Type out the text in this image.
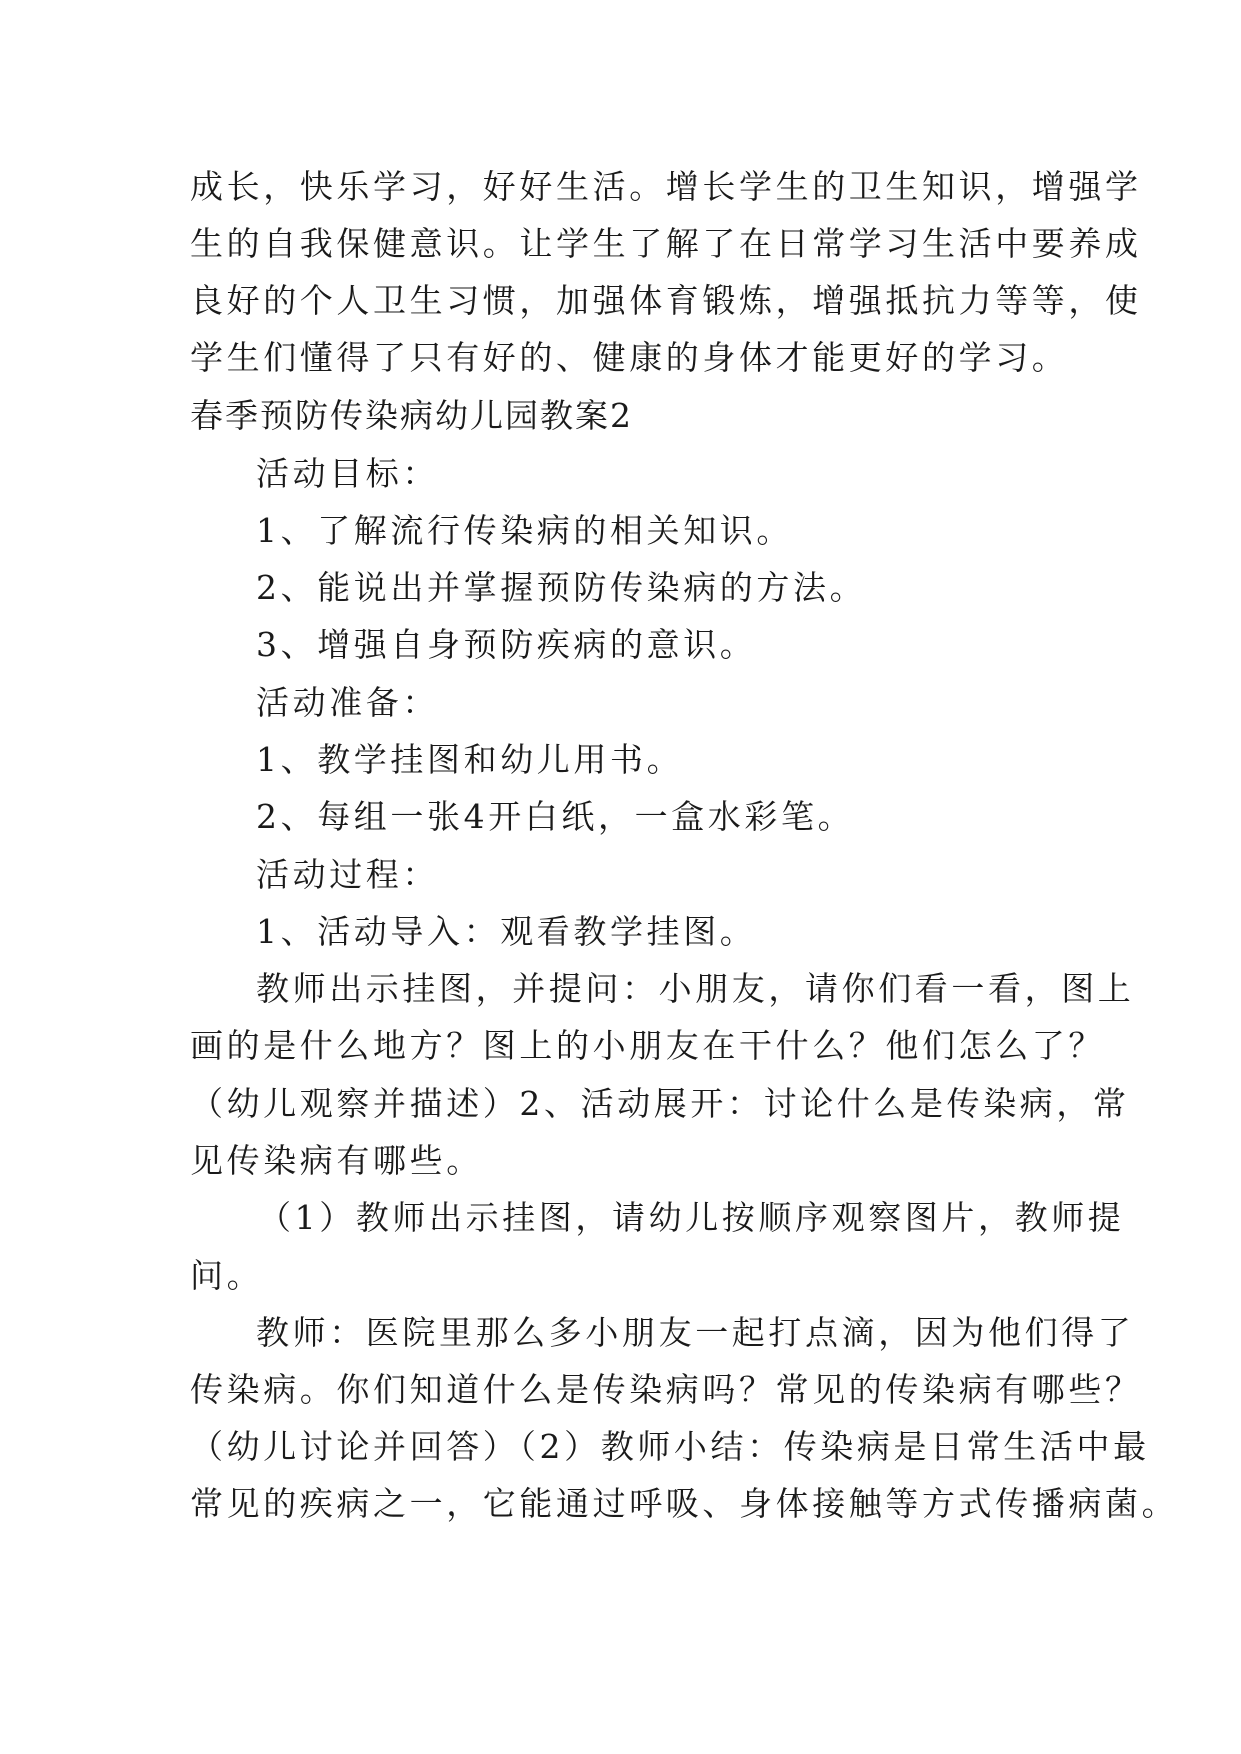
成长，快乐学习，好好生活。增长学生的卫生知识，增强学
生的自我保健意识。让学生了解了在日常学习生活中要养成
良好的个人卫生习惯，加强体育锻炼，增强抵抗力等等，使
学生们懂得了只有好的、健康的身体才能更好的学习。
春季预防传染病幼儿园教案2
活动目标：
1、了解流行传染病的相关知识。
2、能说出并掌握预防传染病的方法。
3、增强自身预防疾病的意识。
活动准备：
1、教学挂图和幼儿用书。
2、每组一张4开白纸，一盒水彩笔。
活动过程：
1、活动导入：观看教学挂图。
教师出示挂图，并提问：小朋友，请你们看一看，图上
画的是什么地方？图上的小朋友在干什么？他们怎么了？
（幼儿观察并描述）2、活动展开：讨论什么是传染病，常
见传染病有哪些。
（1）教师出示挂图，请幼儿按顺序观察图片，教师提
问。
教师：医院里那么多小朋友一起打点滴，因为他们得了
传染病。你们知道什么是传染病吗？常见的传染病有哪些？
（幼儿讨论并回答）（2）教师小结：传染病是日常生活中最
常见的疾病之一，它能通过呼吸、身体接触等方式传播病菌。
